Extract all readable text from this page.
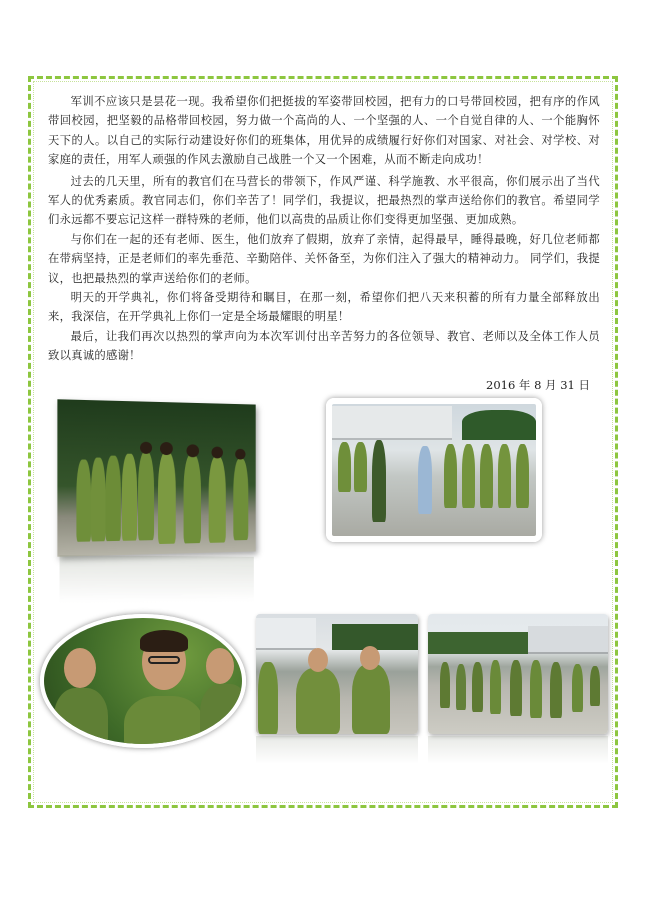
军训不应该只是昙花一现。我希望你们把挺拔的军姿带回校园，把有力的口号带回校园，把有序的作风带回校园，把坚毅的品格带回校园，努力做一个高尚的人、一个坚强的人、一个自觉自律的人、一个能胸怀天下的人。以自己的实际行动建设好你们的班集体，用优异的成绩履行好你们对国家、对社会、对学校、对家庭的责任，用军人顽强的作风去激励自己战胜一个又一个困难，从而不断走向成功！

过去的几天里，所有的教官们在马营长的带领下，作风严谨、科学施教、水平很高，你们展示出了当代军人的优秀素质。教官同志们，你们辛苦了！同学们，我提议，把最热烈的掌声送给你们的教官。希望同学们永远都不要忘记这样一群特殊的老师，他们以高贵的品质让你们变得更加坚强、更加成熟。

与你们在一起的还有老师、医生，他们放弃了假期，放弃了亲情，起得最早，睡得最晚，好几位老师都在带病坚持，正是老师们的率先垂范、辛勤陪伴、关怀备至，为你们注入了强大的精神动力。 同学们，我提议，也把最热烈的掌声送给你们的老师。

明天的开学典礼，你们将备受期待和瞩目，在那一刻，希望你们把八天来积蓄的所有力量全部释放出来，我深信，在开学典礼上你们一定是全场最耀眼的明星！

最后，让我们再次以热烈的掌声向为本次军训付出辛苦努力的各位领导、教官、老师以及全体工作人员致以真诚的感谢！

2016 年 8 月 31 日
